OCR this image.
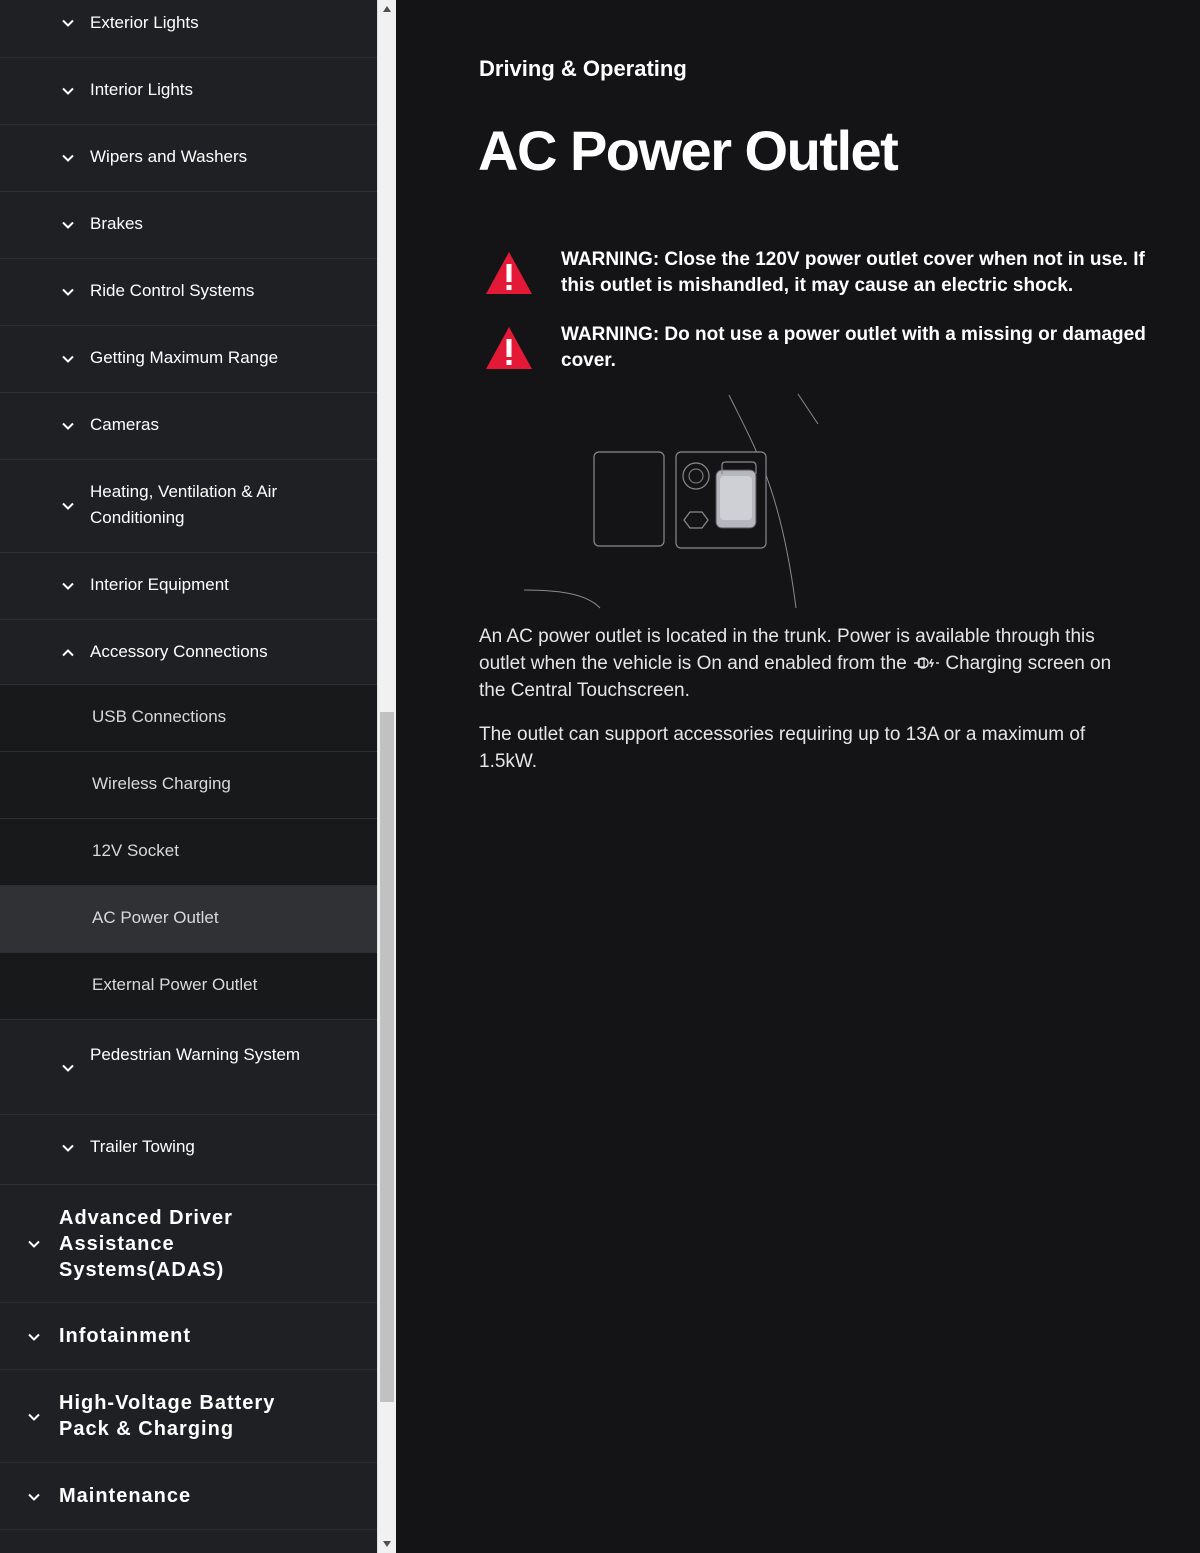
Exterior Lights
Interior Lights
Wipers and Washers
Brakes
Ride Control Systems
Getting Maximum Range
Cameras
Heating, Ventilation & Air Conditioning
Interior Equipment
Accessory Connections
USB Connections
Wireless Charging
12V Socket
AC Power Outlet
External Power Outlet
Pedestrian Warning System
Trailer Towing
Advanced Driver Assistance Systems(ADAS)
Infotainment
High-Voltage Battery Pack & Charging
Maintenance
Driving & Operating
AC Power Outlet
WARNING: Close the 120V power outlet cover when not in use. If this outlet is mishandled, it may cause an electric shock.
WARNING: Do not use a power outlet with a missing or damaged cover.

An AC power outlet is located in the trunk. Power is available through this outlet when the vehicle is On and enabled from the Charging screen on the Central Touchscreen.

The outlet can support accessories requiring up to 13A or a maximum of 1.5kW.
